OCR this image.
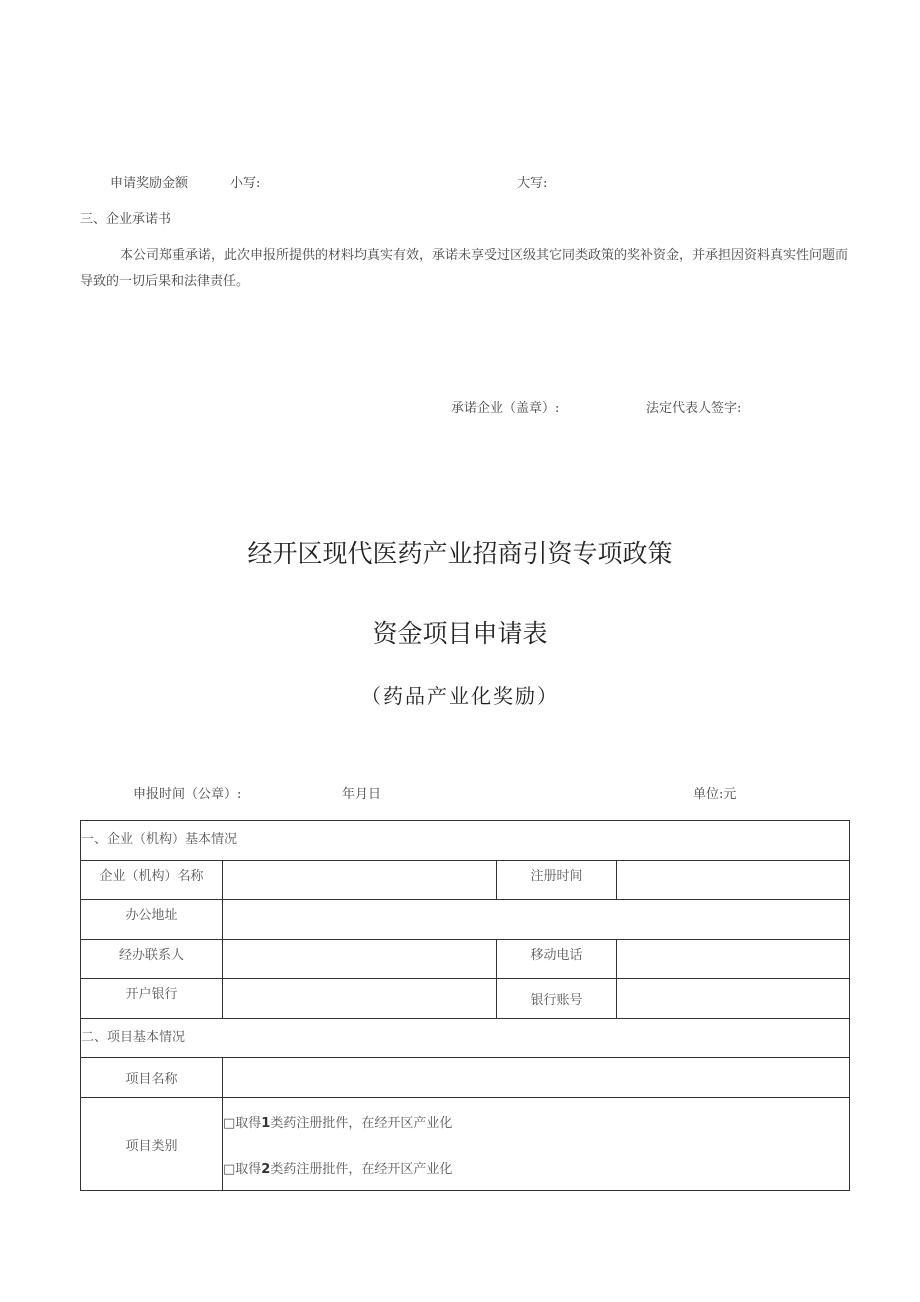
申请奖励金额	小写:	大写:
三、企业承诺书
本公司郑重承诺，此次申报所提供的材料均真实有效，承诺未享受过区级其它同类政策的奖补资金，并承担因资料真实性问题而导致的一切后果和法律责任。
承诺企业（盖章）:	法定代表人签字:
经开区现代医药产业招商引资专项政策
资金项目申请表
（药品产业化奖励）
申报时间（公章）:	年月日	单位:元
一、企业（机构）基本情况			
企业（机构）名称		注册时间	
办公地址			
经办联系人		移动电话	
开户银行		银行账号	
二、项目基本情况			
项目名称			
项目类别	□取得1类药注册批件，在经开区产业化
□取得2类药注册批件，在经开区产业化		
